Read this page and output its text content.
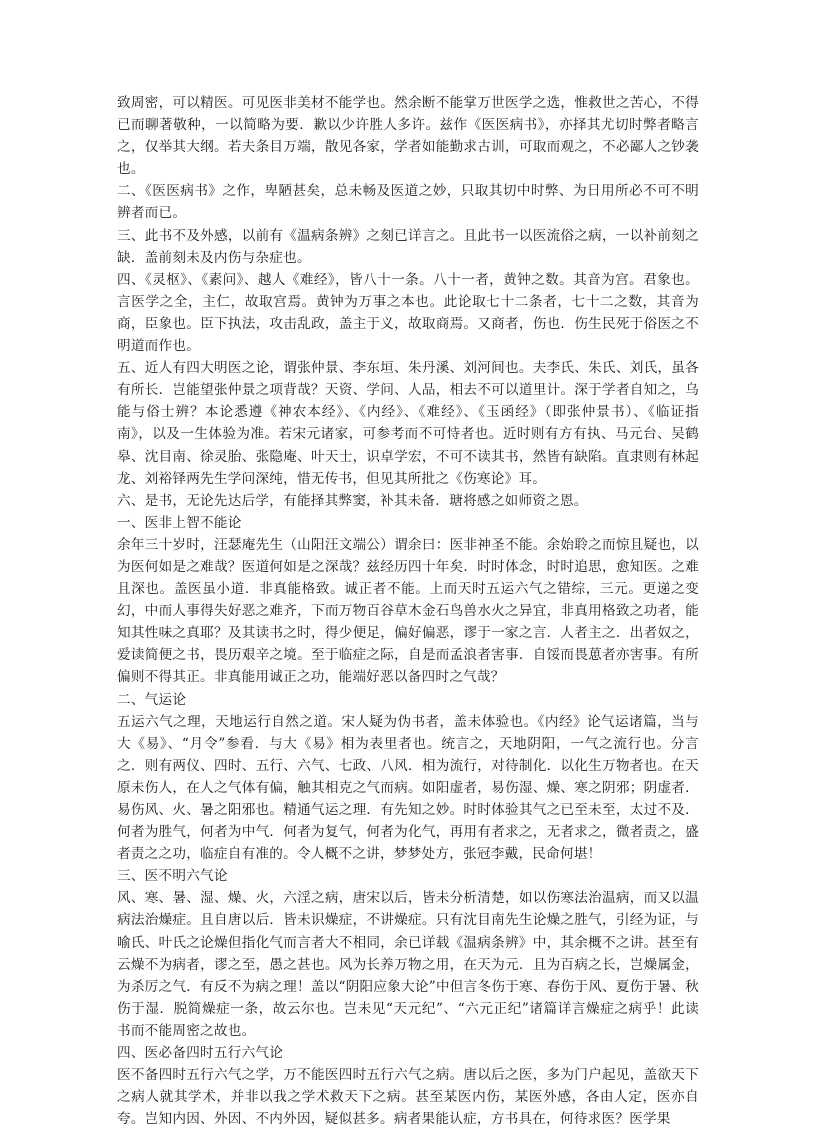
致周密，可以精医。可见医非美材不能学也。然余断不能掌万世医学之选，惟救世之苦心，不得已而聊著敬种，一以简略为要．歉以少许胜人多许。兹作《医医病书》，亦择其尤切时弊者略言之，仅举其大纲。若夫条目万端，散见各家，学者如能勤求古训，可取而观之，不必鄙人之钞袭也。

二、《医医病书》之作，卑陋甚矣，总未畅及医道之妙，只取其切中时弊、为日用所必不可不明辨者而已。

三、此书不及外感，以前有《温病条辨》之刻已详言之。且此书一以医流俗之病，一以补前刻之缺．盖前刻未及内伤与杂症也。

四、《灵枢》、《素问》、越人《难经》，皆八十一条。八十一者，黄钟之数。其音为宫。君象也。言医学之全，主仁，故取宫焉。黄钟为万事之本也。此论取七十二条者，七十二之数，其音为商，臣象也。臣下执法，攻击乱政，盖主于义，故取商焉。又商者，伤也．伤生民死于俗医之不明道而作也。

五、近人有四大明医之论，谓张仲景、李东垣、朱丹溪、刘河间也。夫李氏、朱氏、刘氏，虽各有所长．岂能望张仲景之项背哉？天资、学问、人品，相去不可以道里计。深于学者自知之，乌能与俗士辨？本论悉遵《神农本经》、《内经》、《难经》、《玉函经》（即张仲景书）、《临证指南》，以及一生体验为准。若宋元诸家，可参考而不可恃者也。近时则有方有执、马元台、吴鹤皋、沈目南、徐灵胎、张隐庵、叶天士，识卓学宏，不可不读其书，然皆有缺陷。直隶则有林起龙、刘裕铎两先生学问深纯，惜无传书，但见其所批之《伤寒论》耳。

六、是书，无论先达后学，有能择其弊窦，补其未备．瑭将感之如师资之恩。

一、医非上智不能论

余年三十岁时，汪瑟庵先生（山阳汪文端公）谓余曰：医非神圣不能。余始聆之而惊且疑也，以为医何如是之难哉？医道何如是之深哉？兹经历四十年矣．时时体念，时时追思，愈知医。之难且深也。盖医虽小道．非真能格致。诚正者不能。上而天时五运六气之错综，三元。更递之变幻，中而人事得失好恶之难齐，下而万物百谷草木金石鸟兽水火之异宜，非真用格致之功者，能知其性味之真耶？及其读书之时，得少便足，偏好偏恶，谬于一家之言．人者主之．出者奴之，爱读简便之书，畏历艰辛之境。至于临症之际，自是而孟浪者害事．自馁而畏葸者亦害事。有所偏则不得其正。非真能用诚正之功，能端好恶以备四时之气哉？

二、气运论

五运六气之理，天地运行自然之道。宋人疑为伪书者，盖未体验也。《内经》论气运诸篇，当与大《易》、“月令”参看．与大《易》相为表里者也。统言之，天地阴阳，一气之流行也。分言之．则有两仪、四时、五行、六气、七政、八风．相为流行，对待制化．以化生万物者也。在天原未伤人，在人之气体有偏，触其相克之气而病。如阳虚者，易伤湿、燥、寒之阴邪；阴虚者．易伤风、火、暑之阳邪也。精通气运之理．有先知之妙。时时体验其气之已至未至，太过不及．何者为胜气，何者为中气．何者为复气，何者为化气，再用有者求之，无者求之，微者责之，盛者责之之功，临症自有准的。令人概不之讲，梦梦处方，张冠李戴，民命何堪！

三、医不明六气论

风、寒、暑、湿、燥、火，六淫之病，唐宋以后，皆未分析清楚，如以伤寒法治温病，而又以温病法治燥症。且自唐以后．皆未识燥症，不讲燥症。只有沈目南先生论燥之胜气，引经为证，与喻氏、叶氏之论燥但指化气而言者大不相同，余已详载《温病条辨》中，其余概不之讲。甚至有云燥不为病者，谬之至，愚之甚也。风为长养万物之用，在天为元．且为百病之长，岂燥属金，为杀厉之气．有反不为病之理！盖以“阴阳应象大论”中但言冬伤于寒、春伤于风、夏伤于暑、秋伤于湿．脱简燥症一条，故云尔也。岂未见“天元纪”、“六元正纪”诸篇详言燥症之病乎！此读书而不能周密之故也。

四、医必备四时五行六气论

医不备四时五行六气之学，万不能医四时五行六气之病。唐以后之医，多为门户起见，盖欲天下之病人就其学术，并非以我之学术救天下之病。甚至某医内伤，某医外感，各由人定，医亦自夸。岂知内因、外因、不内外因，疑似甚多。病者果能认症，方书具在，何待求医？医学果
